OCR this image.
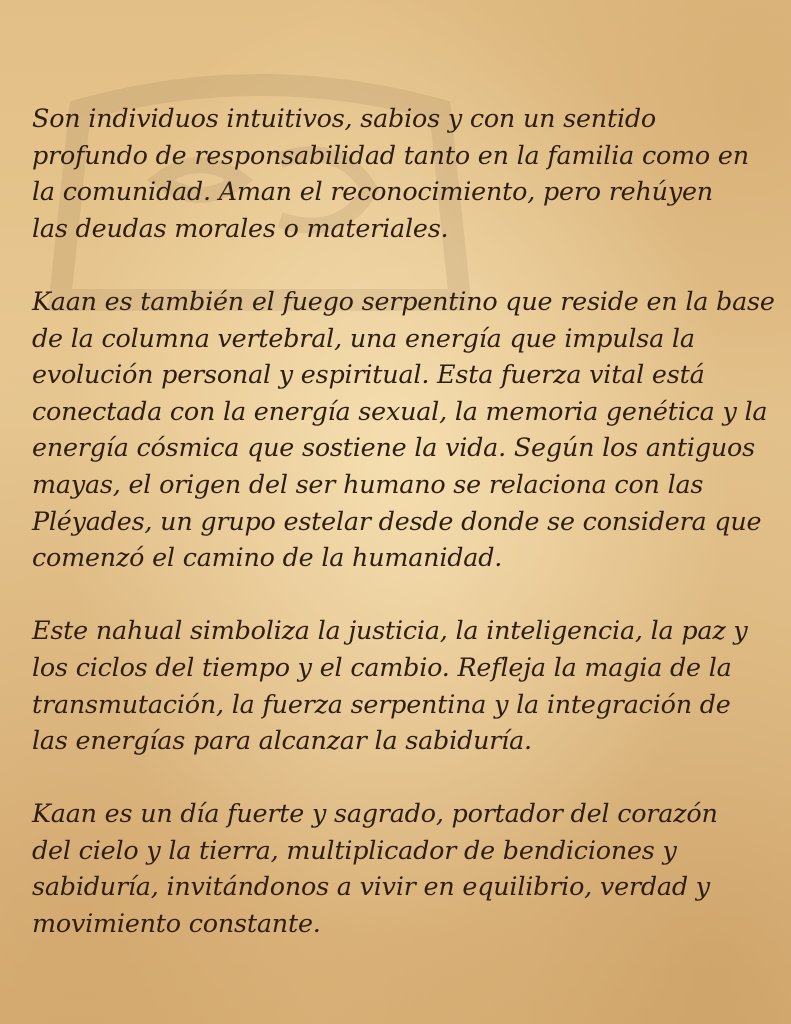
Son individuos intuitivos, sabios y con un sentido
profundo de responsabilidad tanto en la familia como en
la comunidad. Aman el reconocimiento, pero rehúyen
las deudas morales o materiales.

Kaan es también el fuego serpentino que reside en la base
de la columna vertebral, una energía que impulsa la
evolución personal y espiritual. Esta fuerza vital está
conectada con la energía sexual, la memoria genética y la
energía cósmica que sostiene la vida. Según los antiguos
mayas, el origen del ser humano se relaciona con las
Pléyades, un grupo estelar desde donde se considera que
comenzó el camino de la humanidad.

Este nahual simboliza la justicia, la inteligencia, la paz y
los ciclos del tiempo y el cambio. Refleja la magia de la
transmutación, la fuerza serpentina y la integración de
las energías para alcanzar la sabiduría.

Kaan es un día fuerte y sagrado, portador del corazón
del cielo y la tierra, multiplicador de bendiciones y
sabiduría, invitándonos a vivir en equilibrio, verdad y
movimiento constante.
